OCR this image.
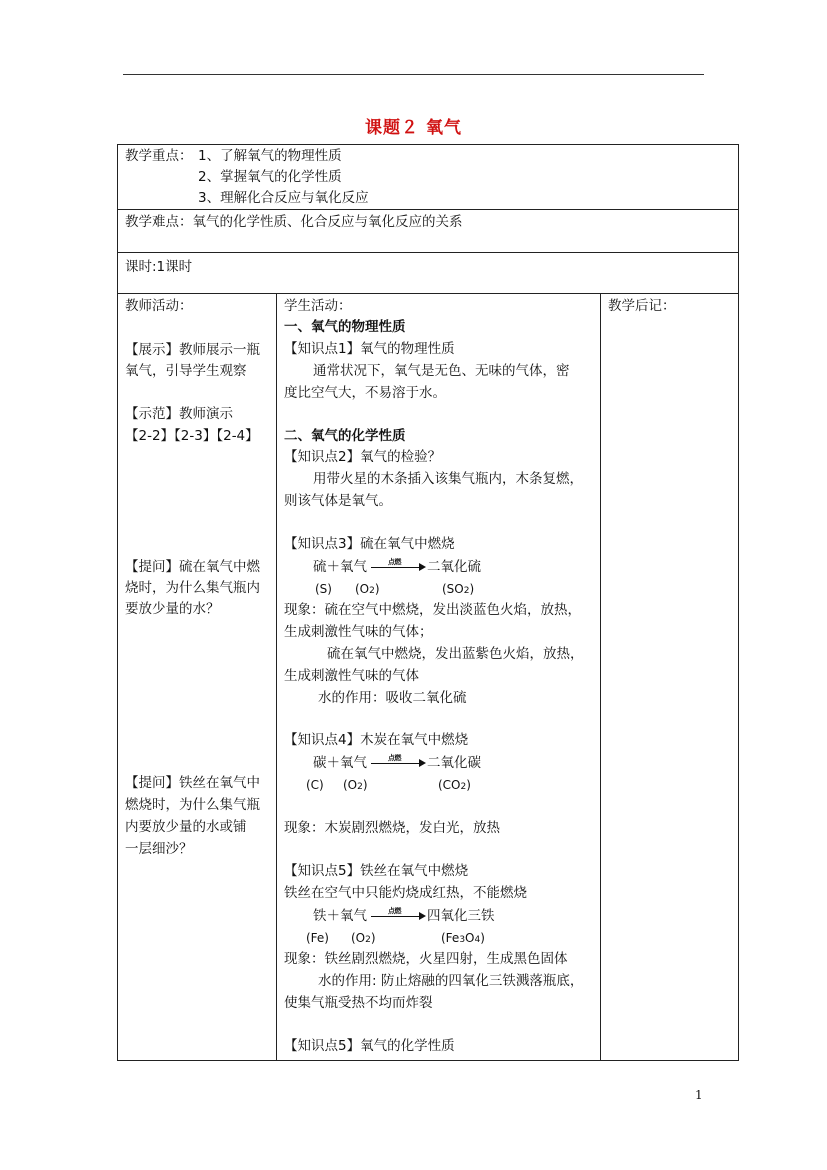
课题２ 氧气
教学重点： 1、了解氧气的物理性质
2、掌握氧气的化学性质
3、理解化合反应与氧化反应
教学难点：氧气的化学性质、化合反应与氧化反应的关系
课时:1课时
教师活动：
【展示】教师展示一瓶
氧气，引导学生观察
【示范】教师演示
【2-2】【2-3】【2-4】
【提问】硫在氧气中燃
烧时，为什么集气瓶内
要放少量的水？
【提问】铁丝在氧气中
燃烧时，为什么集气瓶
内要放少量的水或铺
一层细沙？
学生活动：
一、氧气的物理性质
【知识点1】氧气的物理性质
通常状况下，氧气是无色、无味的气体，密
度比空气大，不易溶于水。
二、氧气的化学性质
【知识点2】氧气的检验？
用带火星的木条插入该集气瓶内，木条复燃，
则该气体是氧气。
【知识点3】硫在氧气中燃烧
硫＋氧气	点燃 → 二氧化硫
(S) (O2)	(SO2)
现象：硫在空气中燃烧，发出淡蓝色火焰，放热，
生成刺激性气味的气体；
硫在氧气中燃烧，发出蓝紫色火焰，放热，
生成刺激性气味的气体
水的作用：吸收二氧化硫
【知识点4】木炭在氧气中燃烧
碳＋氧气	点燃 → 二氧化碳
(C) (O2)	(CO2)
现象：木炭剧烈燃烧，发白光，放热
【知识点5】铁丝在氧气中燃烧
铁丝在空气中只能灼烧成红热，不能燃烧
铁＋氧气	点燃 → 四氧化三铁
(Fe) (O2)	(Fe3O4)
现象：铁丝剧烈燃烧，火星四射，生成黑色固体
水的作用: 防止熔融的四氧化三铁溅落瓶底，
使集气瓶受热不均而炸裂
【知识点5】氧气的化学性质
教学后记：
1
